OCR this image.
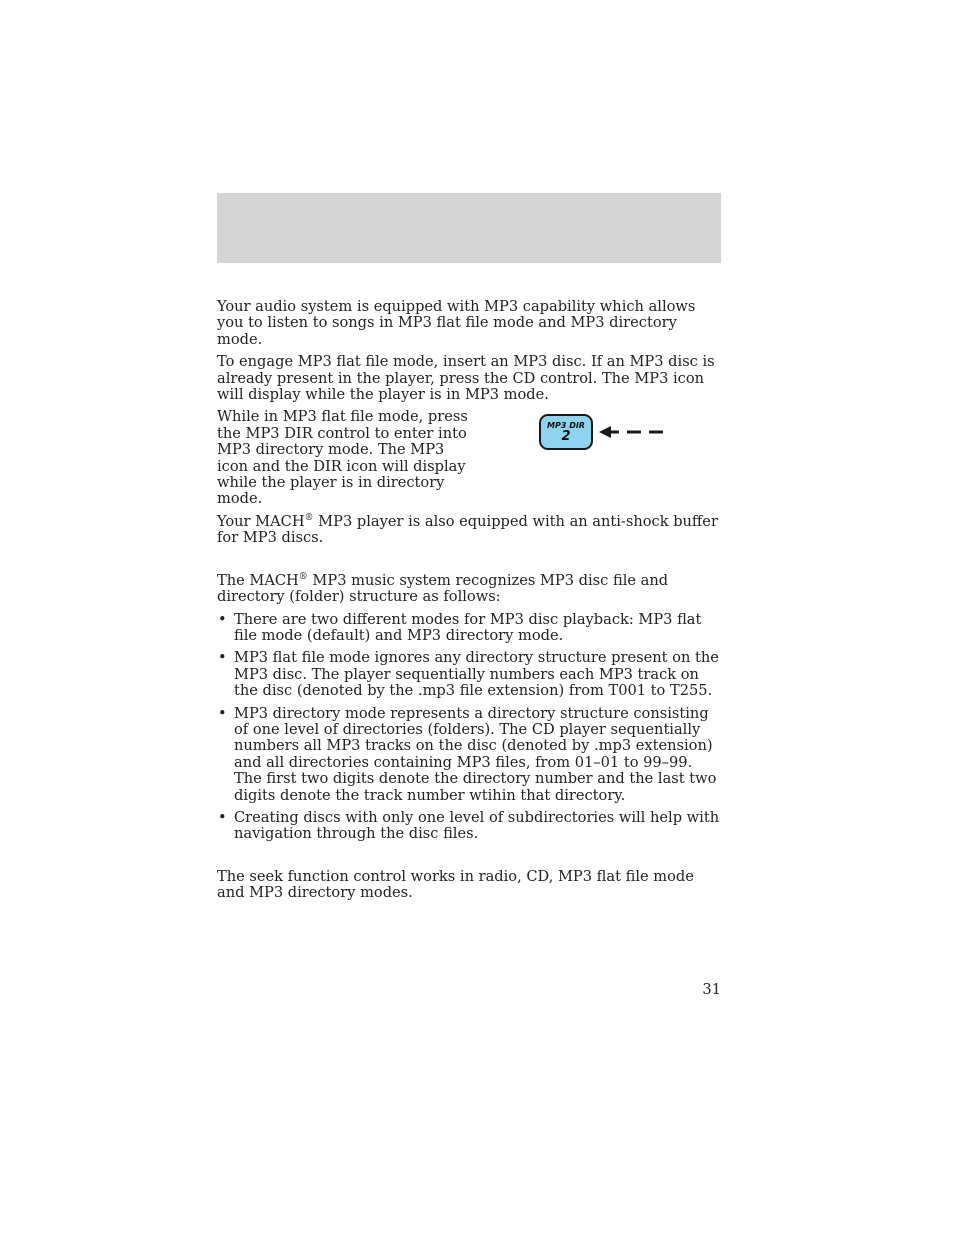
Your audio system is equipped with MP3 capability which allows you to listen to songs in MP3 flat file mode and MP3 directory mode.

To engage MP3 flat file mode, insert an MP3 disc. If an MP3 disc is already present in the player, press the CD control. The MP3 icon will display while the player is in MP3 mode.

While in MP3 flat file mode, press the MP3 DIR control to enter into MP3 directory mode. The MP3 icon and the DIR icon will display while the player is in directory mode.

MP3 DIR
2

Your MACH® MP3 player is also equipped with an anti-shock buffer for MP3 discs.

The MACH® MP3 music system recognizes MP3 disc file and directory (folder) structure as follows:

• There are two different modes for MP3 disc playback: MP3 flat file mode (default) and MP3 directory mode.
• MP3 flat file mode ignores any directory structure present on the MP3 disc. The player sequentially numbers each MP3 track on the disc (denoted by the .mp3 file extension) from T001 to T255.
• MP3 directory mode represents a directory structure consisting of one level of directories (folders). The CD player sequentially numbers all MP3 tracks on the disc (denoted by .mp3 extension) and all directories containing MP3 files, from 01–01 to 99–99. The first two digits denote the directory number and the last two digits denote the track number wtihin that directory.
• Creating discs with only one level of subdirectories will help with navigation through the disc files.

The seek function control works in radio, CD, MP3 flat file mode and MP3 directory modes.

31
